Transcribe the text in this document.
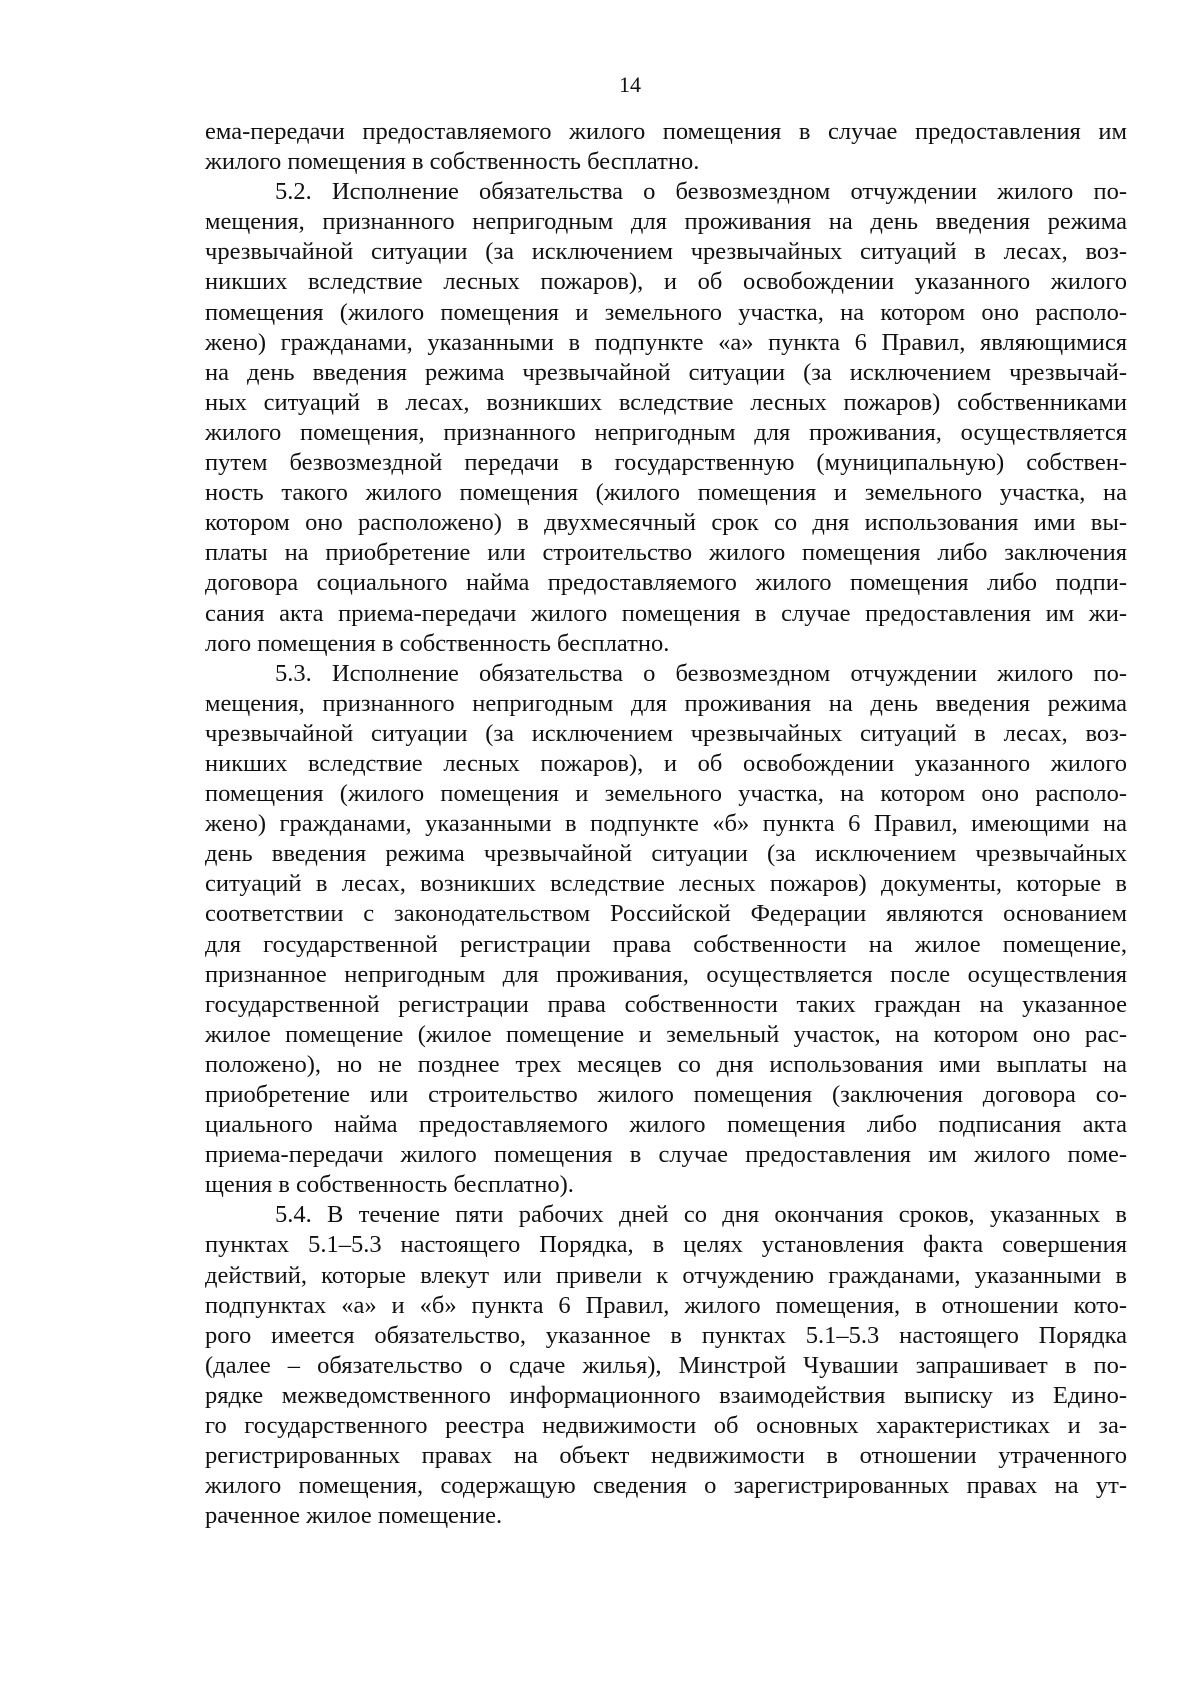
14
ема-передачи предоставляемого жилого помещения в случае предоставления им
жилого помещения в собственность бесплатно.
5.2. Исполнение обязательства о безвозмездном отчуждении жилого по-
мещения, признанного непригодным для проживания на день введения режима
чрезвычайной ситуации (за исключением чрезвычайных ситуаций в лесах, воз-
никших вследствие лесных пожаров), и об освобождении указанного жилого
помещения (жилого помещения и земельного участка, на котором оно располо-
жено) гражданами, указанными в подпункте «а» пункта 6 Правил, являющимися
на день введения режима чрезвычайной ситуации (за исключением чрезвычай-
ных ситуаций в лесах, возникших вследствие лесных пожаров) собственниками
жилого помещения, признанного непригодным для проживания, осуществляется
путем безвозмездной передачи в государственную (муниципальную) собствен-
ность такого жилого помещения (жилого помещения и земельного участка, на
котором оно расположено) в двухмесячный срок со дня использования ими вы-
платы на приобретение или строительство жилого помещения либо заключения
договора социального найма предоставляемого жилого помещения либо подпи-
сания акта приема-передачи жилого помещения в случае предоставления им жи-
лого помещения в собственность бесплатно.
5.3. Исполнение обязательства о безвозмездном отчуждении жилого по-
мещения, признанного непригодным для проживания на день введения режима
чрезвычайной ситуации (за исключением чрезвычайных ситуаций в лесах, воз-
никших вследствие лесных пожаров), и об освобождении указанного жилого
помещения (жилого помещения и земельного участка, на котором оно располо-
жено) гражданами, указанными в подпункте «б» пункта 6 Правил, имеющими на
день введения режима чрезвычайной ситуации (за исключением чрезвычайных
ситуаций в лесах, возникших вследствие лесных пожаров) документы, которые в
соответствии с законодательством Российской Федерации являются основанием
для государственной регистрации права собственности на жилое помещение,
признанное непригодным для проживания, осуществляется после осуществления
государственной регистрации права собственности таких граждан на указанное
жилое помещение (жилое помещение и земельный участок, на котором оно рас-
положено), но не позднее трех месяцев со дня использования ими выплаты на
приобретение или строительство жилого помещения (заключения договора со-
циального найма предоставляемого жилого помещения либо подписания акта
приема-передачи жилого помещения в случае предоставления им жилого поме-
щения в собственность бесплатно).
5.4. В течение пяти рабочих дней со дня окончания сроков, указанных в
пунктах 5.1–5.3 настоящего Порядка, в целях установления факта совершения
действий, которые влекут или привели к отчуждению гражданами, указанными в
подпунктах «а» и «б» пункта 6 Правил, жилого помещения, в отношении кото-
рого имеется обязательство, указанное в пунктах 5.1–5.3 настоящего Порядка
(далее – обязательство о сдаче жилья), Минстрой Чувашии запрашивает в по-
рядке межведомственного информационного взаимодействия выписку из Едино-
го государственного реестра недвижимости об основных характеристиках и за-
регистрированных правах на объект недвижимости в отношении утраченного
жилого помещения, содержащую сведения о зарегистрированных правах на ут-
раченное жилое помещение.
